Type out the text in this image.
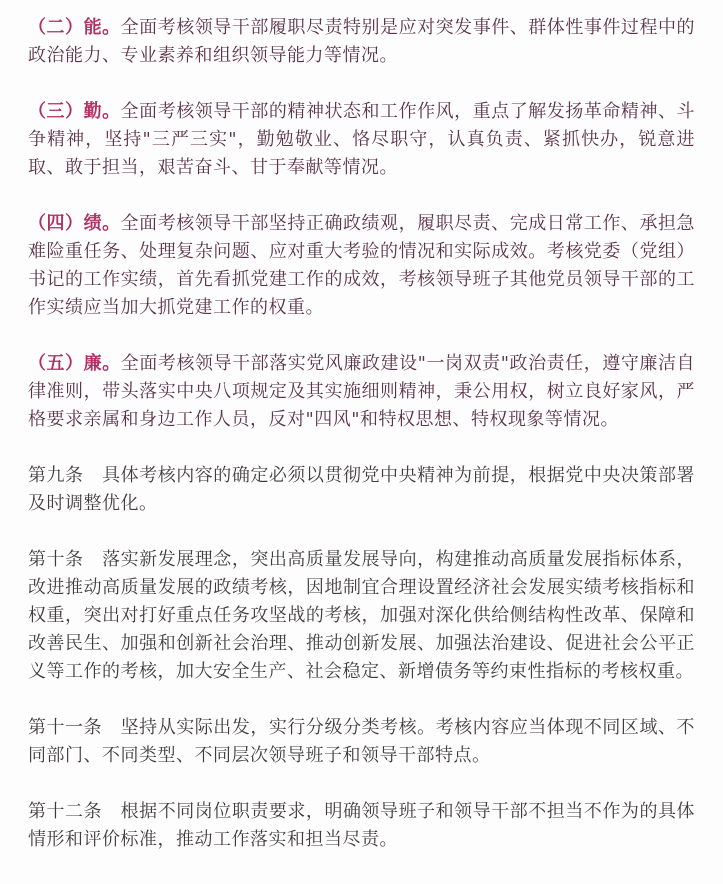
（二）能。全面考核领导干部履职尽责特别是应对突发事件、群体性事件过程中的政治能力、专业素养和组织领导能力等情况。

（三）勤。全面考核领导干部的精神状态和工作作风，重点了解发扬革命精神、斗争精神，坚持"三严三实"，勤勉敬业、恪尽职守，认真负责、紧抓快办，锐意进取、敢于担当，艰苦奋斗、甘于奉献等情况。

（四）绩。全面考核领导干部坚持正确政绩观，履职尽责、完成日常工作、承担急难险重任务、处理复杂问题、应对重大考验的情况和实际成效。考核党委（党组）书记的工作实绩，首先看抓党建工作的成效，考核领导班子其他党员领导干部的工作实绩应当加大抓党建工作的权重。

（五）廉。全面考核领导干部落实党风廉政建设"一岗双责"政治责任，遵守廉洁自律准则，带头落实中央八项规定及其实施细则精神，秉公用权，树立良好家风，严格要求亲属和身边工作人员，反对"四风"和特权思想、特权现象等情况。

第九条　具体考核内容的确定必须以贯彻党中央精神为前提，根据党中央决策部署及时调整优化。

第十条　落实新发展理念，突出高质量发展导向，构建推动高质量发展指标体系，改进推动高质量发展的政绩考核，因地制宜合理设置经济社会发展实绩考核指标和权重，突出对打好重点任务攻坚战的考核，加强对深化供给侧结构性改革、保障和改善民生、加强和创新社会治理、推动创新发展、加强法治建设、促进社会公平正义等工作的考核，加大安全生产、社会稳定、新增债务等约束性指标的考核权重。

第十一条　坚持从实际出发，实行分级分类考核。考核内容应当体现不同区域、不同部门、不同类型、不同层次领导班子和领导干部特点。

第十二条　根据不同岗位职责要求，明确领导班子和领导干部不担当不作为的具体情形和评价标准，推动工作落实和担当尽责。
